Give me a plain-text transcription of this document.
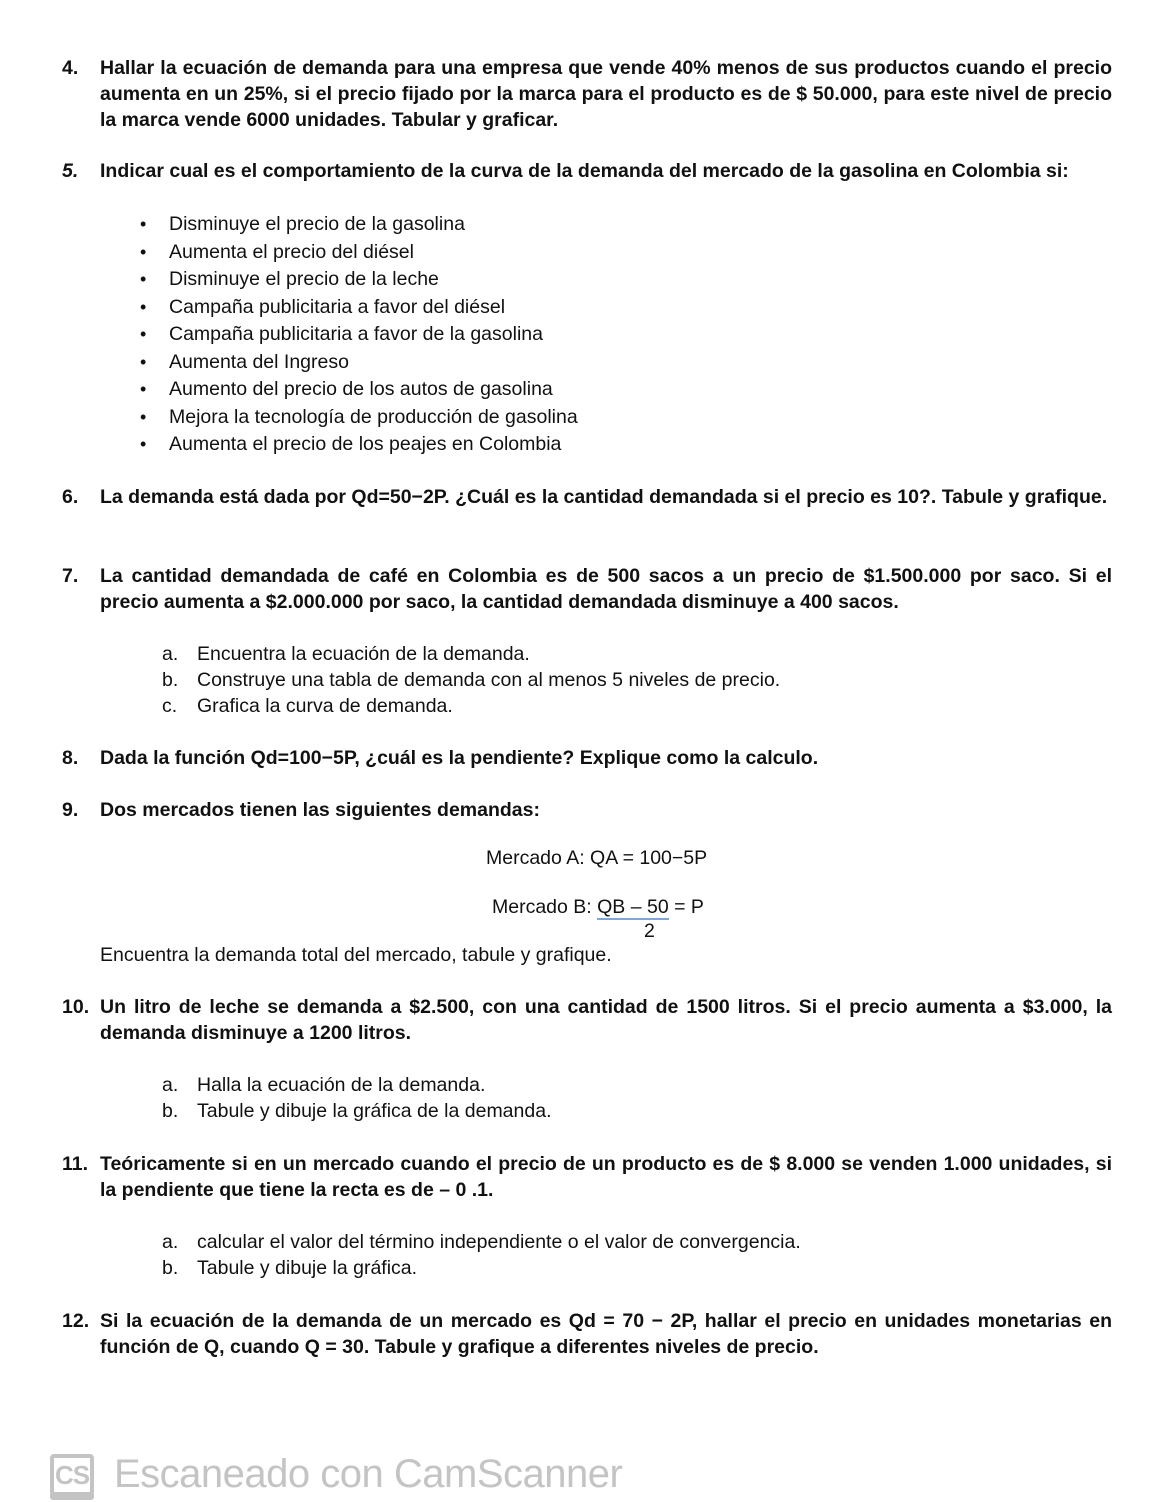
4. Hallar la ecuación de demanda para una empresa que vende 40% menos de sus productos cuando el precio aumenta en un 25%, si el precio fijado por la marca para el producto es de $ 50.000, para este nivel de precio la marca vende 6000 unidades. Tabular y graficar.
5. Indicar cual es el comportamiento de la curva de la demanda del mercado de la gasolina en Colombia si:
• Disminuye el precio de la gasolina
• Aumenta el precio del diésel
• Disminuye el precio de la leche
• Campaña publicitaria a favor del diésel
• Campaña publicitaria a favor de la gasolina
• Aumenta del Ingreso
• Aumento del precio de los autos de gasolina
• Mejora la tecnología de producción de gasolina
• Aumenta el precio de los peajes en Colombia
6. La demanda está dada por Qd=50−2P. ¿Cuál es la cantidad demandada si el precio es 10?. Tabule y grafique.
7. La cantidad demandada de café en Colombia es de 500 sacos a un precio de $1.500.000 por saco. Si el precio aumenta a $2.000.000 por saco, la cantidad demandada disminuye a 400 sacos.
a. Encuentra la ecuación de la demanda.
b. Construye una tabla de demanda con al menos 5 niveles de precio.
c. Grafica la curva de demanda.
8. Dada la función Qd=100−5P, ¿cuál es la pendiente? Explique como la calculo.
9. Dos mercados tienen las siguientes demandas:
Mercado A: QA = 100−5P
Mercado B: QB – 50 = P
2
Encuentra la demanda total del mercado, tabule y grafique.
10. Un litro de leche se demanda a $2.500, con una cantidad de 1500 litros. Si el precio aumenta a $3.000, la demanda disminuye a 1200 litros.
a. Halla la ecuación de la demanda.
b. Tabule y dibuje la gráfica de la demanda.
11. Teóricamente si en un mercado cuando el precio de un producto es de $ 8.000 se venden 1.000 unidades, si la pendiente que tiene la recta es de – 0 .1.
a. calcular el valor del término independiente o el valor de convergencia.
b. Tabule y dibuje la gráfica.
12. Si la ecuación de la demanda de un mercado es Qd = 70 − 2P, hallar el precio en unidades monetarias en función de Q, cuando Q = 30. Tabule y grafique a diferentes niveles de precio.
CS Escaneado con CamScanner
